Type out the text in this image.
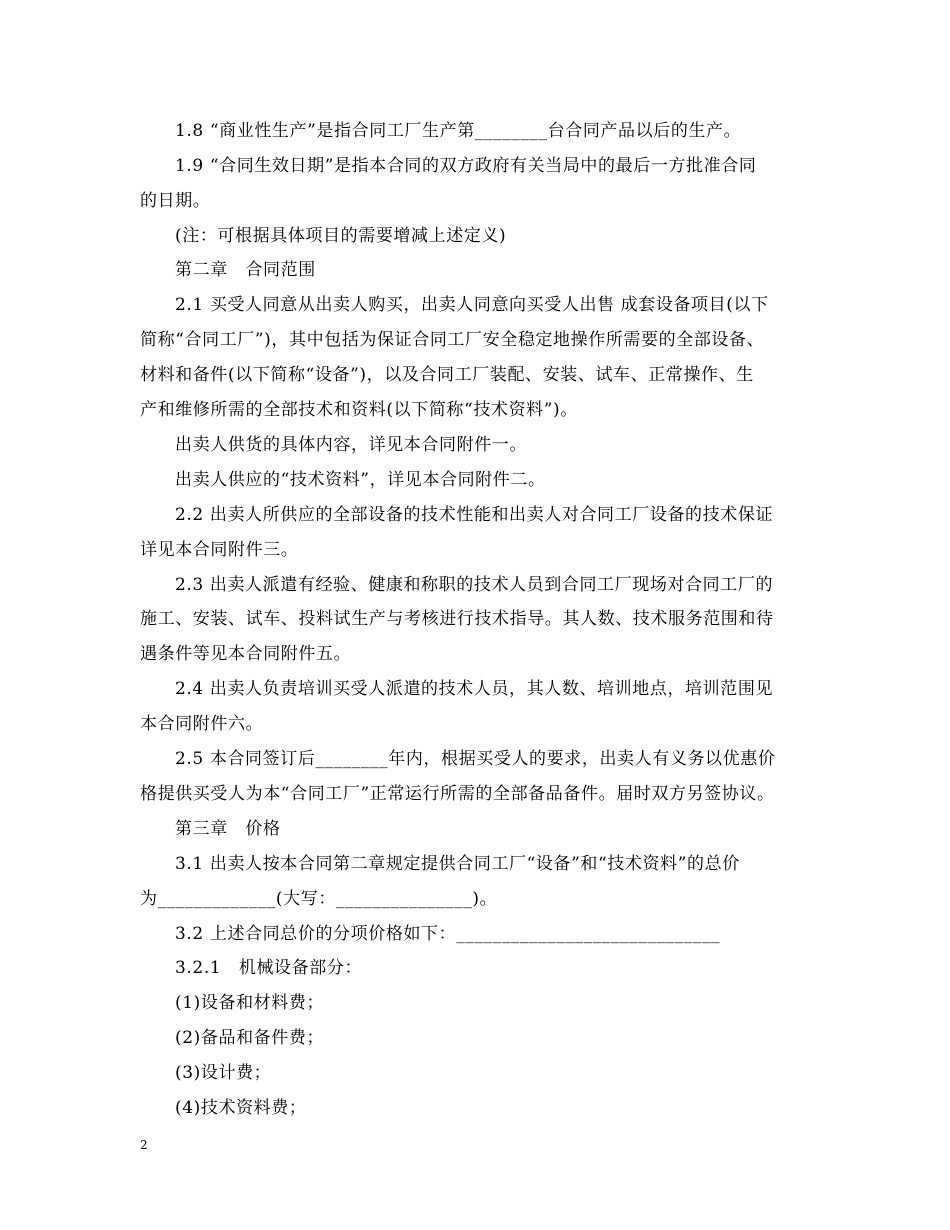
1.8 “商业性生产”是指合同工厂生产第________台合同产品以后的生产。
1.9 “合同生效日期”是指本合同的双方政府有关当局中的最后一方批准合同
的日期。
(注：可根据具体项目的需要增减上述定义)
第二章　合同范围
2.1 买受人同意从出卖人购买，出卖人同意向买受人出售 成套设备项目(以下
简称“合同工厂”)，其中包括为保证合同工厂安全稳定地操作所需要的全部设备、
材料和备件(以下简称“设备”)，以及合同工厂装配、安装、试车、正常操作、生
产和维修所需的全部技术和资料(以下简称“技术资料”)。
出卖人供货的具体内容，详见本合同附件一。
出卖人供应的“技术资料”，详见本合同附件二。
2.2 出卖人所供应的全部设备的技术性能和出卖人对合同工厂设备的技术保证
详见本合同附件三。
2.3 出卖人派遣有经验、健康和称职的技术人员到合同工厂现场对合同工厂的
施工、安装、试车、投料试生产与考核进行技术指导。其人数、技术服务范围和待
遇条件等见本合同附件五。
2.4 出卖人负责培训买受人派遣的技术人员，其人数、培训地点，培训范围见
本合同附件六。
2.5 本合同签订后________年内，根据买受人的要求，出卖人有义务以优惠价
格提供买受人为本“合同工厂”正常运行所需的全部备品备件。届时双方另签协议。
第三章　价格
3.1 出卖人按本合同第二章规定提供合同工厂“设备”和“技术资料”的总价
为_____________(大写：_______________)。
3.2 上述合同总价的分项价格如下：_____________________________
3.2.1　机械设备部分：
(1)设备和材料费；
(2)备品和备件费；
(3)设计费；
(4)技术资料费；
2
